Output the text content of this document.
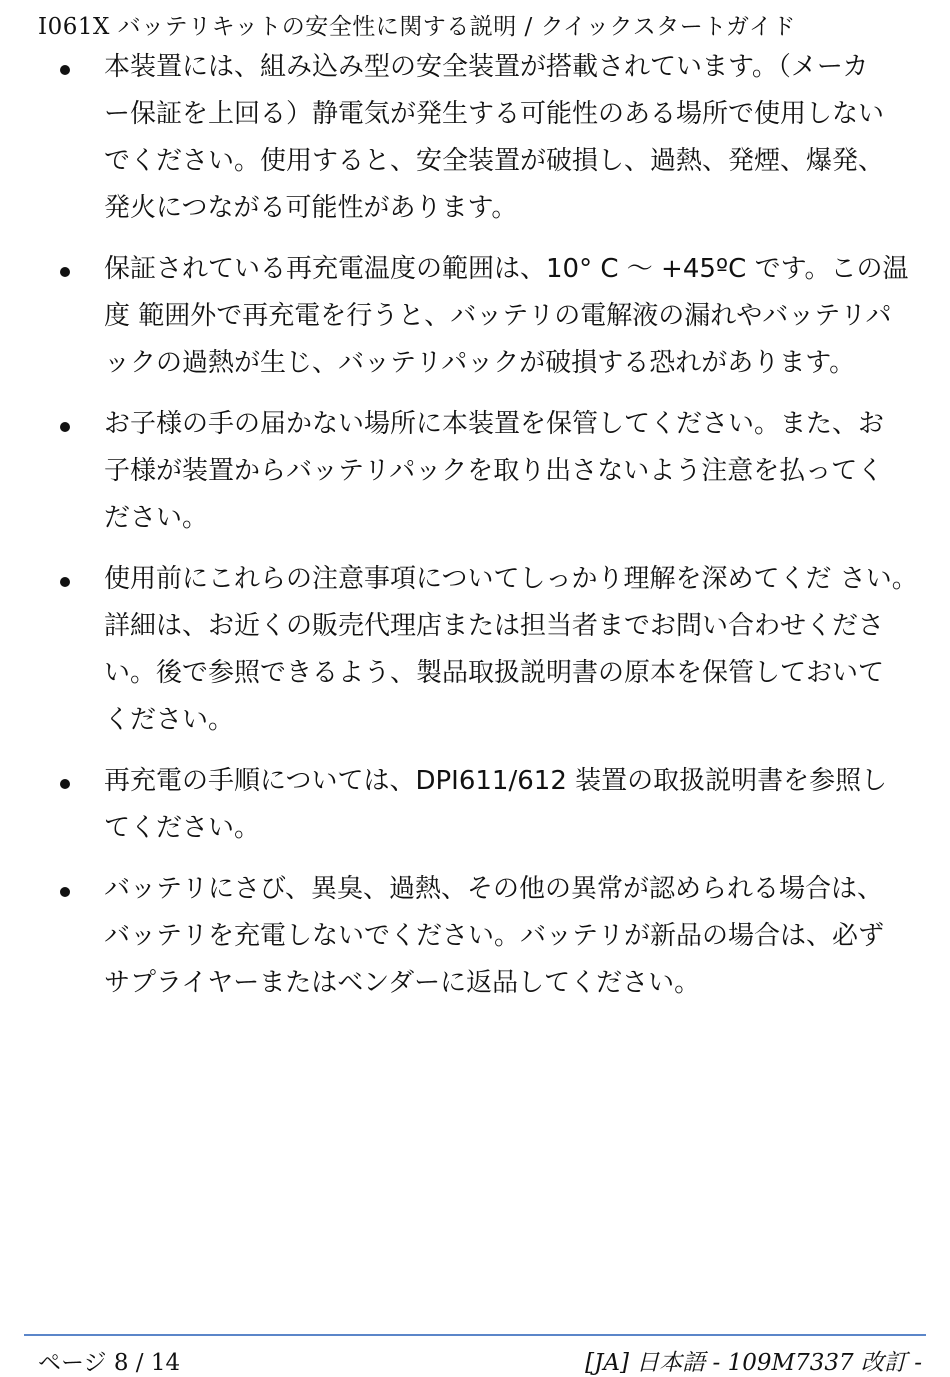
I061X バッテリキットの安全性に関する説明 / クイックスタートガイド
本装置には、組み込み型の安全装置が搭載されています。（メーカ
ー保証を上回る）静電気が発生する可能性のある場所で使用しない
でください。使用すると、安全装置が破損し、過熱、発煙、爆発、
発火につながる可能性があります。
保証されている再充電温度の範囲は、10° C ～ +45ºC です。この温
度 範囲外で再充電を行うと、バッテリの電解液の漏れやバッテリパ
ックの過熱が生じ、バッテリパックが破損する恐れがあります。
お子様の手の届かない場所に本装置を保管してください。また、お
子様が装置からバッテリパックを取り出さないよう注意を払ってく
ださい。
使用前にこれらの注意事項についてしっかり理解を深めてくだ さい。
詳細は、お近くの販売代理店または担当者までお問い合わせくださ
い。後で参照できるよう、製品取扱説明書の原本を保管しておいて
ください。
再充電の手順については、DPI611/612 装置の取扱説明書を参照し
てください。
バッテリにさび、異臭、過熱、その他の異常が認められる場合は、
バッテリを充電しないでください。バッテリが新品の場合は、必ず
サプライヤーまたはベンダーに返品してください。
ページ 8 / 14	[JA] 日本語 - 109M7337 改訂 -
